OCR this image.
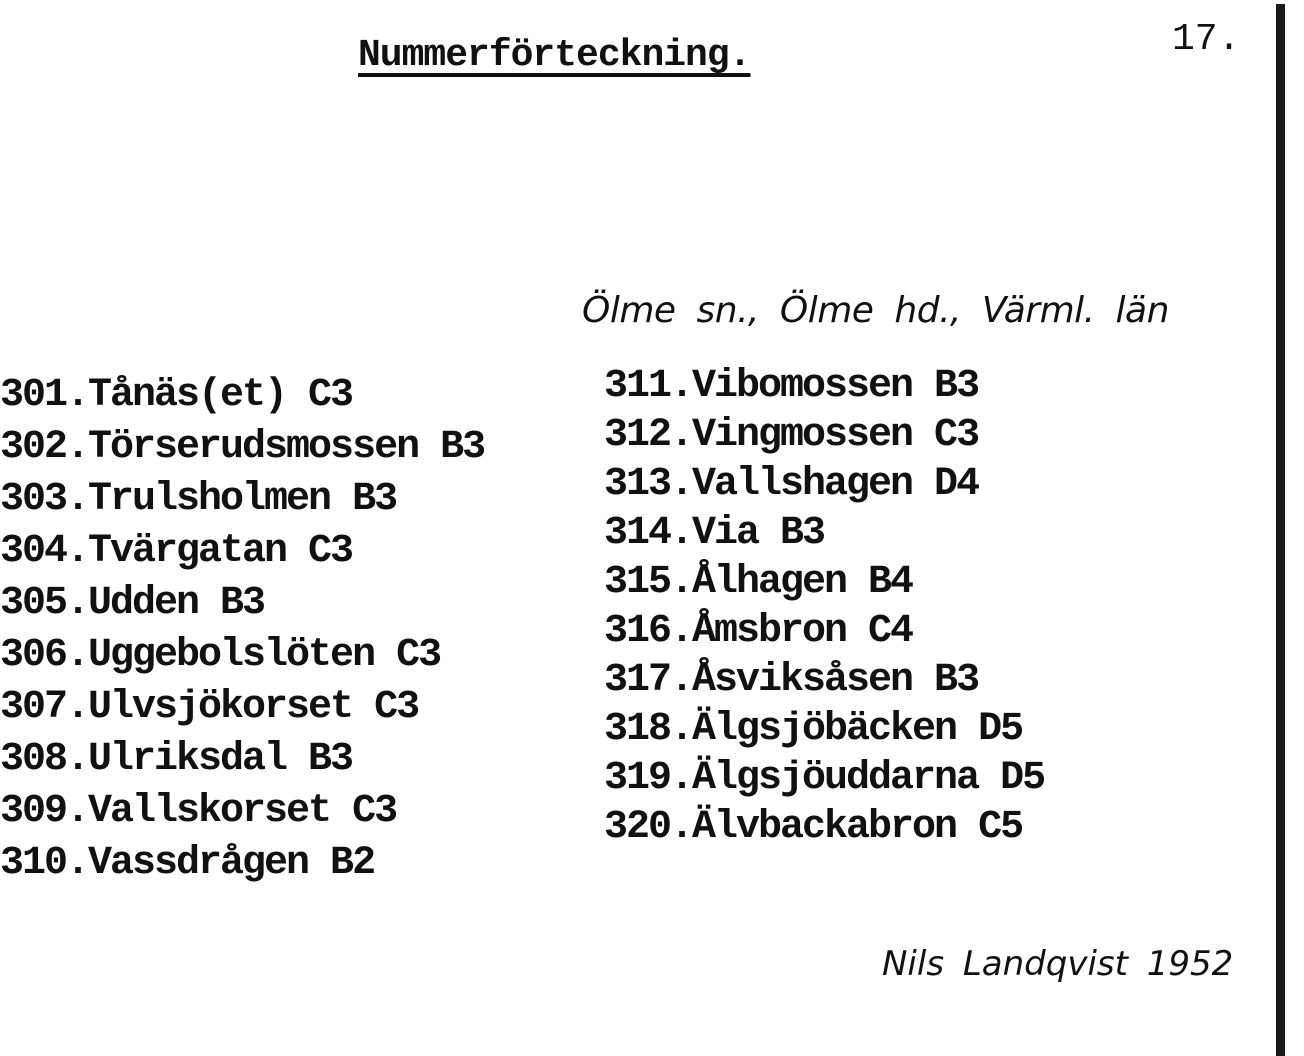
Nummerförteckning.	17.
Ölme sn., Ölme hd., Värml. län
301.Tånäs(et) C3
302.Törserudsmossen B3
303.Trulsholmen B3
304.Tvärgatan C3
305.Udden B3
306.Uggebolslöten C3
307.Ulvsjökorset C3
308.Ulriksdal B3
309.Vallskorset C3
310.Vassdrågen B2
311.Vibomossen B3
312.Vingmossen C3
313.Vallshagen D4
314.Via B3
315.Ålhagen B4
316.Åmsbron C4
317.Åsviksåsen B3
318.Älgsjöbäcken D5
319.Älgsjöuddarna D5
320.Älvbackabron C5
Nils Landqvist 1952
